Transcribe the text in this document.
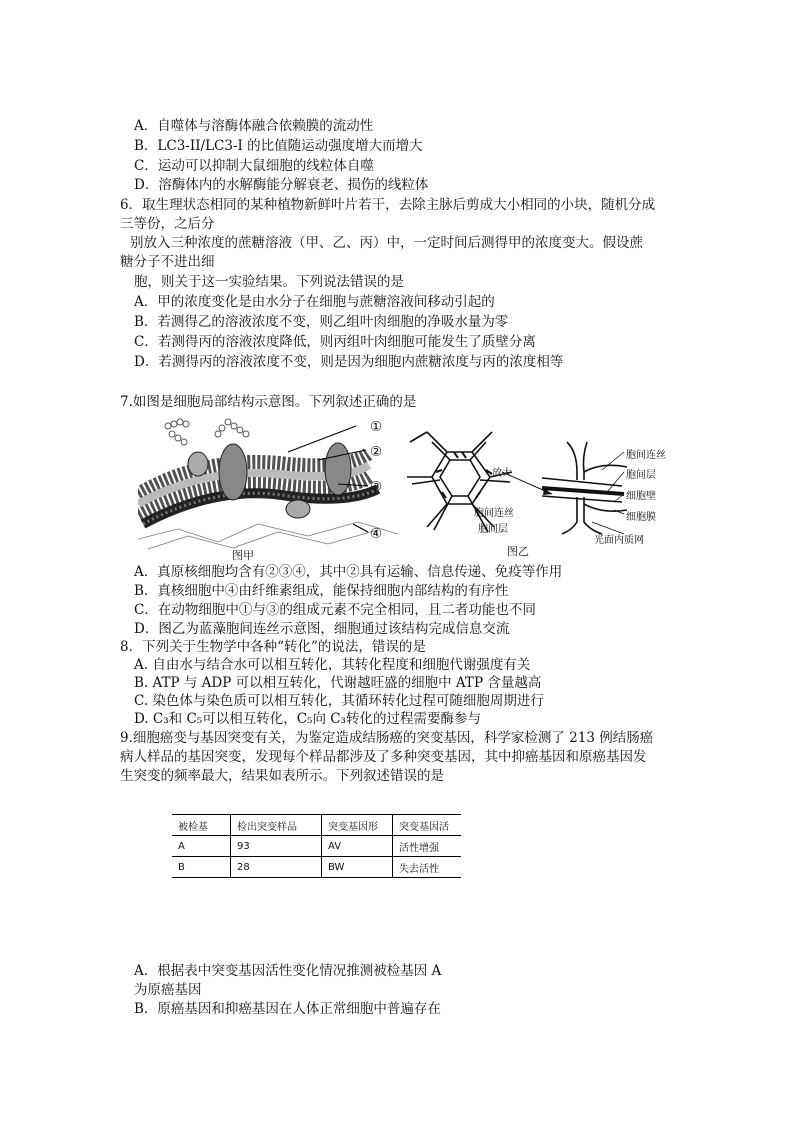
A．自噬体与溶酶体融合依赖膜的流动性
B．LC3-II/LC3-I 的比值随运动强度增大而增大
C．运动可以抑制大鼠细胞的线粒体自噬
D．溶酶体内的水解酶能分解衰老、损伤的线粒体
6．取生理状态相同的某种植物新鲜叶片若干，去除主脉后剪成大小相同的小块，随机分成
三等份，之后分
别放入三种浓度的蔗糖溶液（甲、乙、丙）中，一定时间后测得甲的浓度变大。假设蔗
糖分子不进出细
胞，则关于这一实验结果。下列说法错误的是
A．甲的浓度变化是由水分子在细胞与蔗糖溶液间移动引起的
B．若测得乙的溶液浓度不变，则乙组叶肉细胞的净吸水量为零
C．若测得丙的溶液浓度降低，则丙组叶肉细胞可能发生了质壁分离
D．若测得丙的溶液浓度不变，则是因为细胞内蔗糖浓度与丙的浓度相等
7.如图是细胞局部结构示意图。下列叙述正确的是
①
②
③
④
图甲
放大
胞间连丝
胞间层
胞间连丝
胞间层
细胞壁
细胞膜
光面内质网
图乙
A．真原核细胞均含有②③④，其中②具有运输、信息传递、免疫等作用
B．真核细胞中④由纤维素组成，能保持细胞内部结构的有序性
C．在动物细胞中①与③的组成元素不完全相同，且二者功能也不同
D．图乙为蓝藻胞间连丝示意图，细胞通过该结构完成信息交流
8．下列关于生物学中各种“转化”的说法，错误的是
A. 自由水与结合水可以相互转化，其转化程度和细胞代谢强度有关
B. ATP 与 ADP 可以相互转化，代谢越旺盛的细胞中 ATP 含量越高
C. 染色体与染色质可以相互转化，其循环转化过程可随细胞周期进行
D. C₃和 C₅可以相互转化，C₅向 C₃转化的过程需要酶参与
9.细胞癌变与基因突变有关，为鉴定造成结肠癌的突变基因，科学家检测了 213 例结肠癌
病人样品的基因突变，发现每个样品都涉及了多种突变基因，其中抑癌基因和原癌基因发
生突变的频率最大，结果如表所示。下列叙述错误的是
被检基	检出突变样品	突变基因形	突变基因活
A	93	AV	活性增强
B	28	BW	失去活性
A．根据表中突变基因活性变化情况推测被检基因 A
为原癌基因
B．原癌基因和抑癌基因在人体正常细胞中普遍存在
